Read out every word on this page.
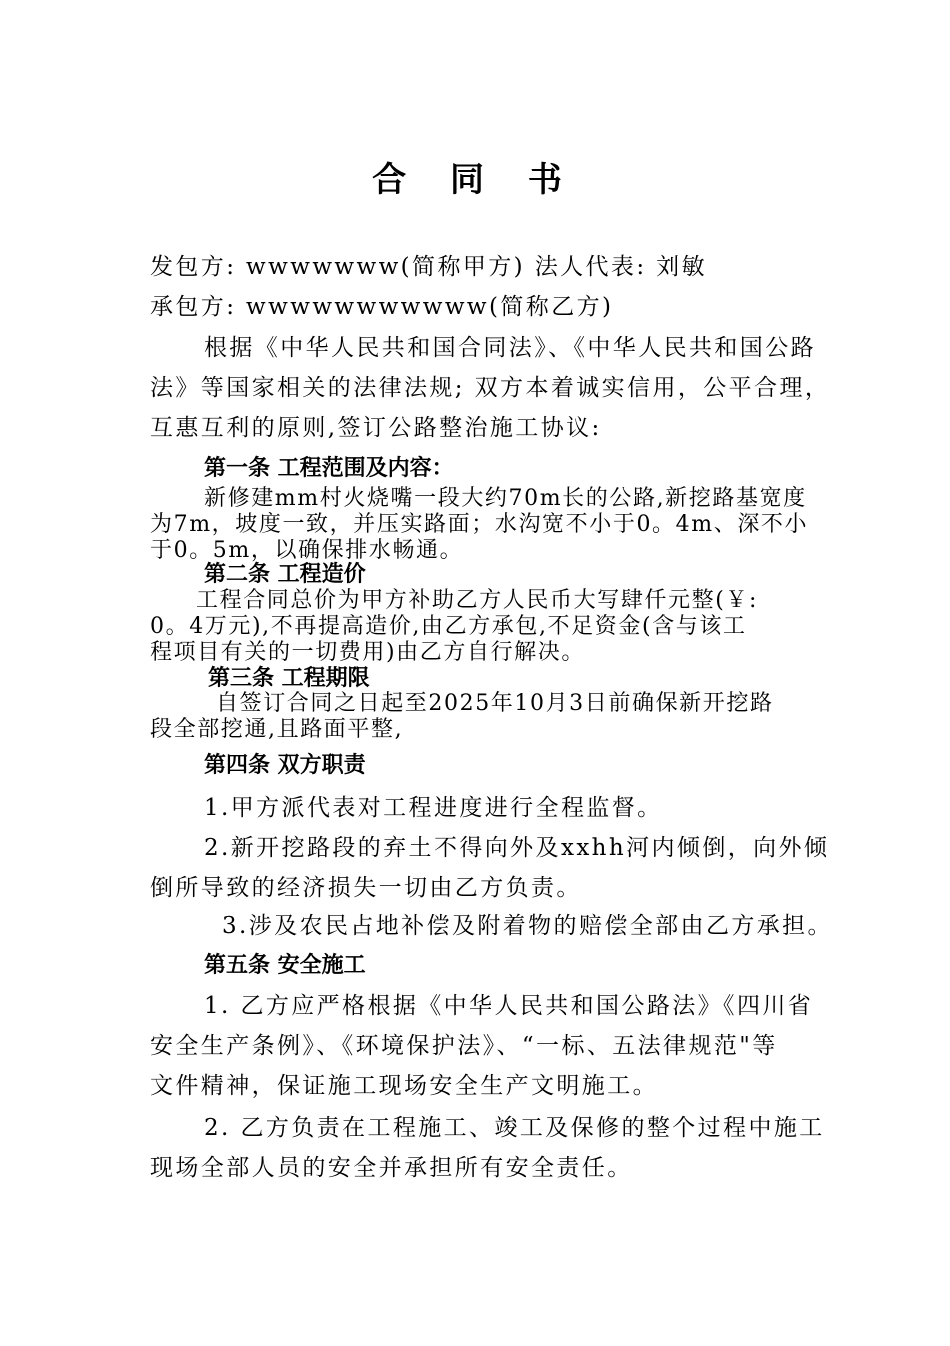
合 同 书

发包方: wwwwwww(简称甲方) 法人代表: 刘敏

承包方: wwwwwwwwwww(简称乙方)

根据《中华人民共和国合同法》、《中华人民共和国公路

法》等国家相关的法律法规; 双方本着诚实信用，公平合理，

互惠互利的原则,签订公路整治施工协议:

第一条 工程范围及内容：

新修建mm村火烧嘴一段大约70m长的公路,新挖路基宽度

为7m，坡度一致，并压实路面；水沟宽不小于0。4m、深不小

于0。5m，以确保排水畅通。

第二条 工程造价

工程合同总价为甲方补助乙方人民币大写肆仟元整(￥:

0。4万元),不再提高造价,由乙方承包,不足资金(含与该工

程项目有关的一切费用)由乙方自行解决。

第三条 工程期限

自签订合同之日起至2025年10月3日前确保新开挖路

段全部挖通,且路面平整,

第四条 双方职责

1.甲方派代表对工程进度进行全程监督。

2.新开挖路段的弃土不得向外及xxhh河内倾倒，向外倾

倒所导致的经济损失一切由乙方负责。

3.涉及农民占地补偿及附着物的赔偿全部由乙方承担。

第五条 安全施工

1. 乙方应严格根据《中华人民共和国公路法》《四川省

安全生产条例》、《环境保护法》、“一标、五法律规范"等

文件精神，保证施工现场安全生产文明施工。

2. 乙方负责在工程施工、竣工及保修的整个过程中施工

现场全部人员的安全并承担所有安全责任。
